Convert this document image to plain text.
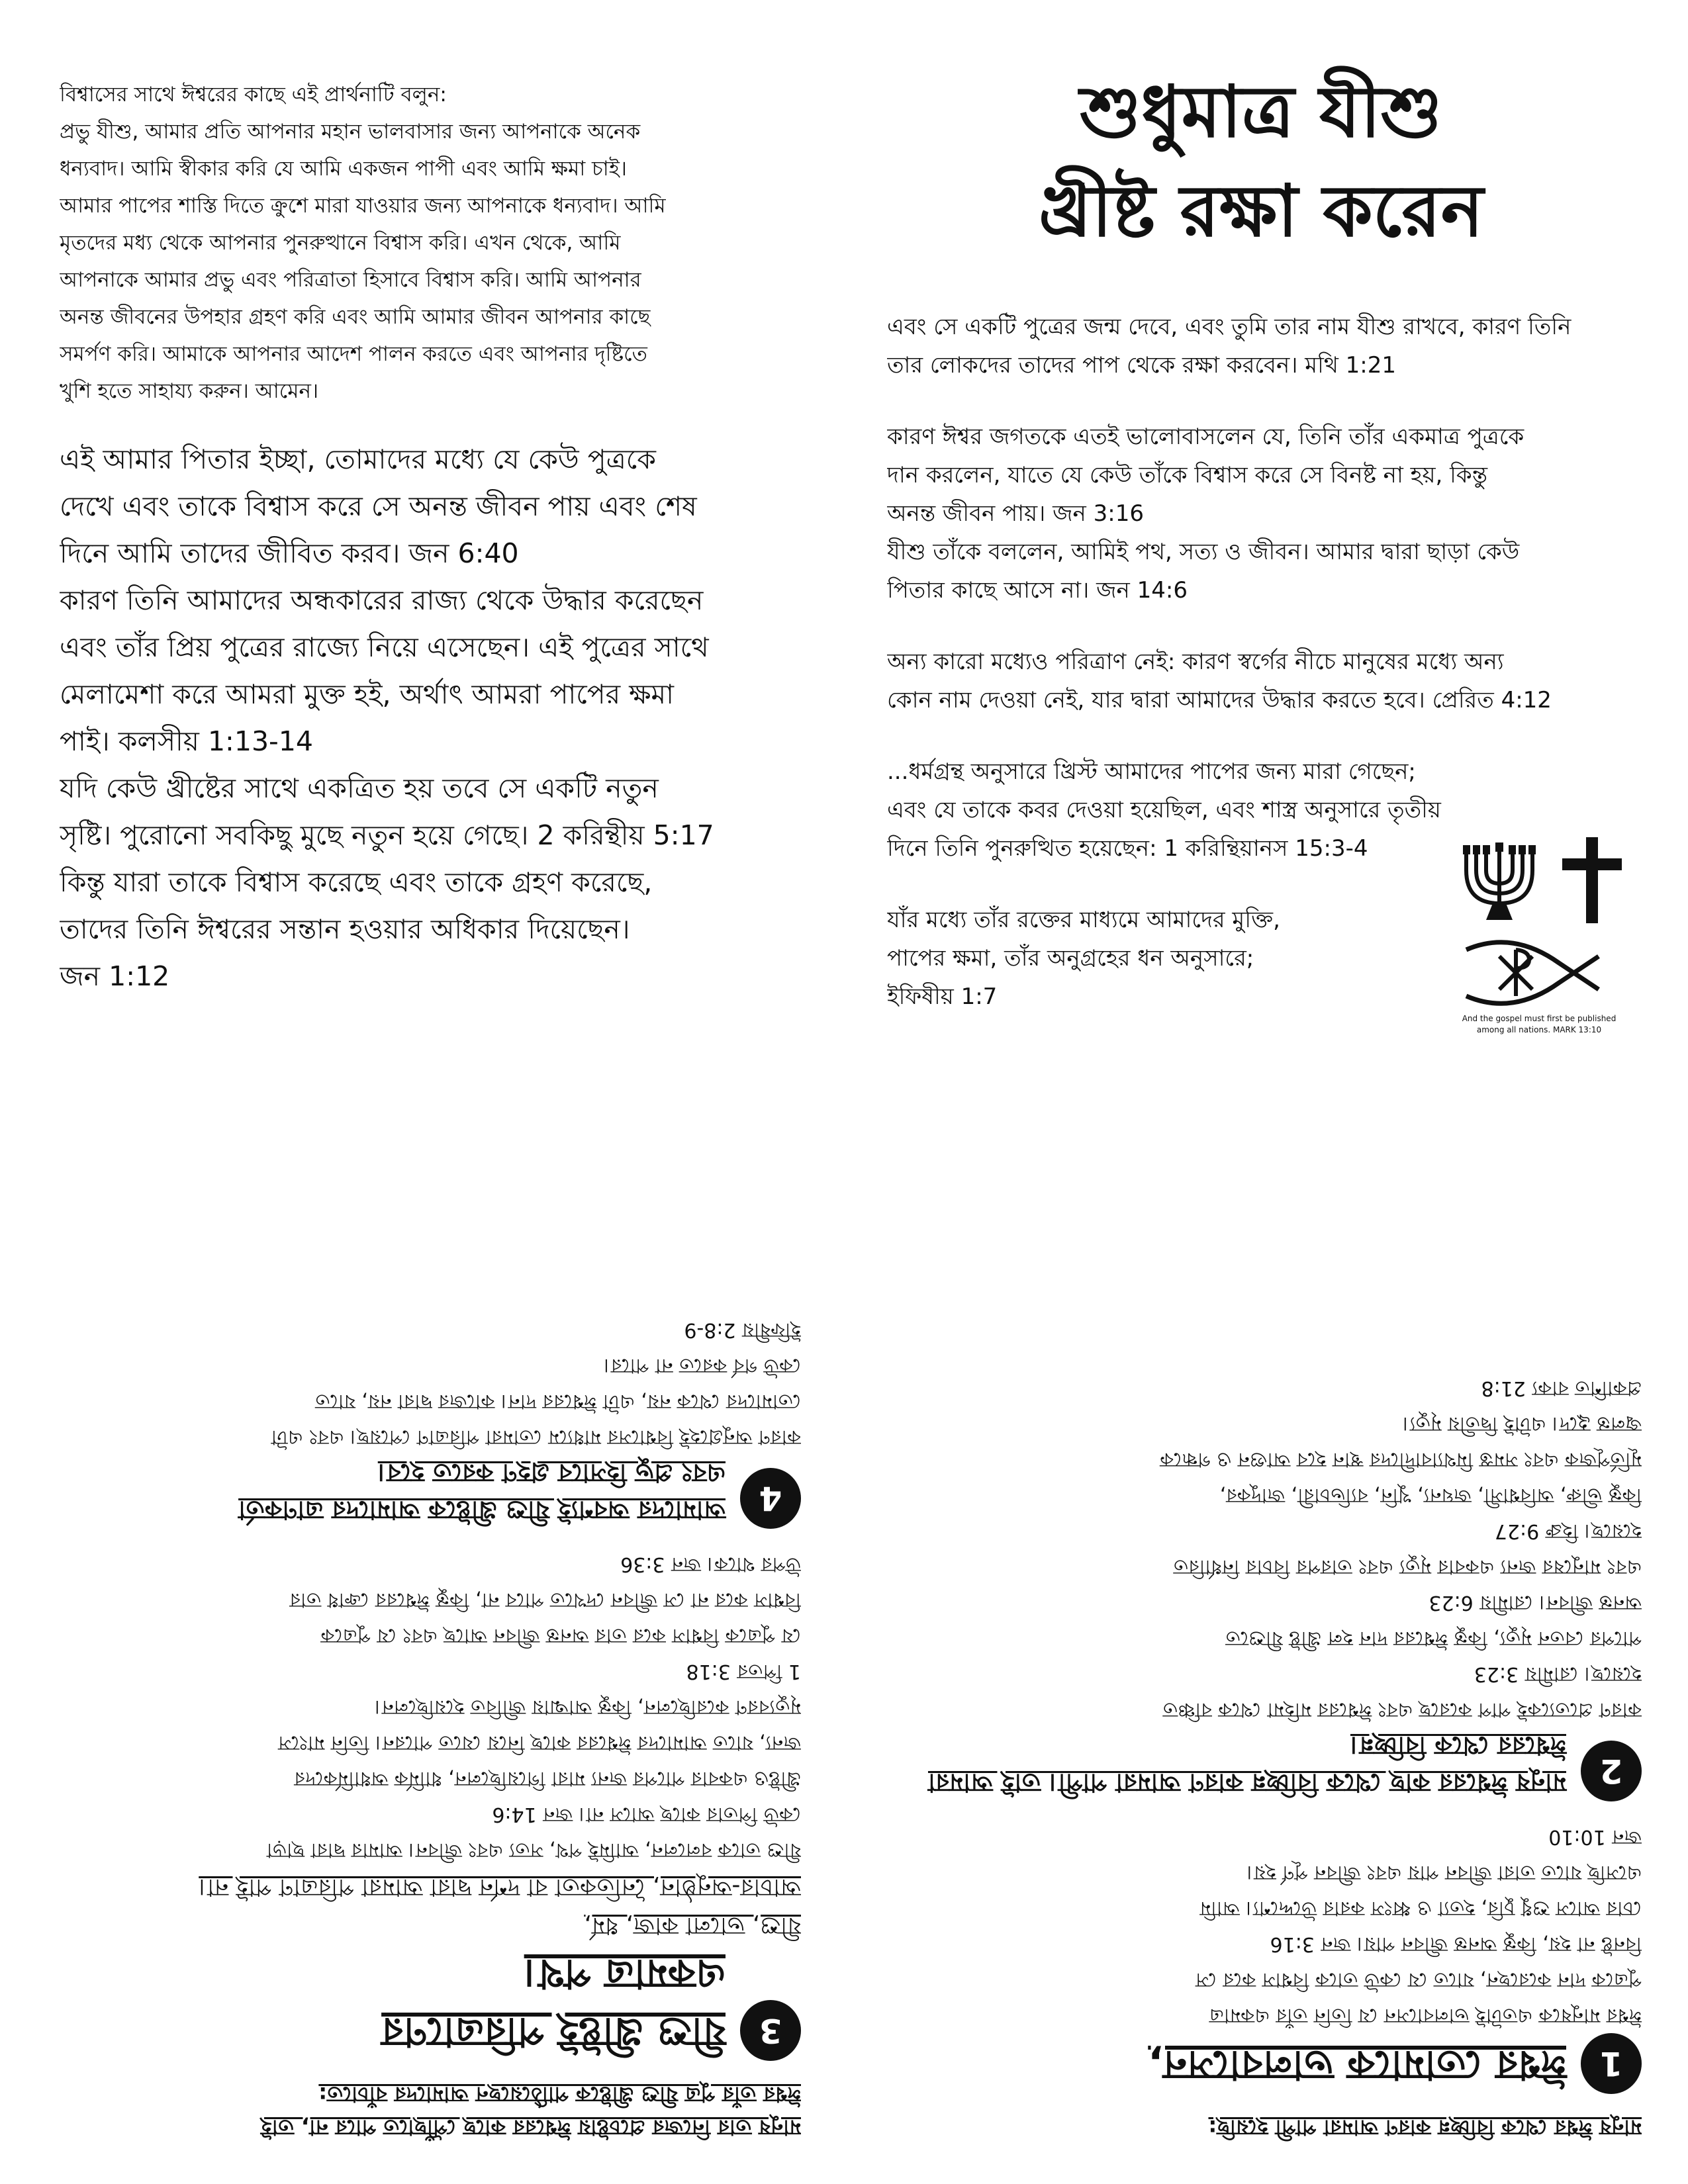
বিশ্বাসের সাথে ঈশ্বরের কাছে এই প্রার্থনাটি বলুন:

প্রভু যীশু, আমার প্রতি আপনার মহান ভালবাসার জন্য আপনাকে অনেক

ধন্যবাদ। আমি স্বীকার করি যে আমি একজন পাপী এবং আমি ক্ষমা চাই।

আমার পাপের শাস্তি দিতে ক্রুশে মারা যাওয়ার জন্য আপনাকে ধন্যবাদ। আমি

মৃতদের মধ্য থেকে আপনার পুনরুত্থানে বিশ্বাস করি। এখন থেকে, আমি

আপনাকে আমার প্রভু এবং পরিত্রাতা হিসাবে বিশ্বাস করি। আমি আপনার

অনন্ত জীবনের উপহার গ্রহণ করি এবং আমি আমার জীবন আপনার কাছে

সমর্পণ করি। আমাকে আপনার আদেশ পালন করতে এবং আপনার দৃষ্টিতে

খুশি হতে সাহায্য করুন। আমেন।

এই আমার পিতার ইচ্ছা, তোমাদের মধ্যে যে কেউ পুত্রকে

দেখে এবং তাকে বিশ্বাস করে সে অনন্ত জীবন পায় এবং শেষ

দিনে আমি তাদের জীবিত করব। জন 6:40

কারণ তিনি আমাদের অন্ধকারের রাজ্য থেকে উদ্ধার করেছেন

এবং তাঁর প্রিয় পুত্রের রাজ্যে নিয়ে এসেছেন। এই পুত্রের সাথে

মেলামেশা করে আমরা মুক্ত হই, অর্থাৎ আমরা পাপের ক্ষমা

পাই। কলসীয় 1:13-14

যদি কেউ খ্রীষ্টের সাথে একত্রিত হয় তবে সে একটি নতুন

সৃষ্টি। পুরোনো সবকিছু মুছে নতুন হয়ে গেছে। 2 করিন্থীয় 5:17

কিন্তু যারা তাকে বিশ্বাস করেছে এবং তাকে গ্রহণ করেছে,

তাদের তিনি ঈশ্বরের সন্তান হওয়ার অধিকার দিয়েছেন।

জন 1:12

শুধুমাত্র যীশু
খ্রীষ্ট রক্ষা করেন

এবং সে একটি পুত্রের জন্ম দেবে, এবং তুমি তার নাম যীশু রাখবে, কারণ তিনি

তার লোকদের তাদের পাপ থেকে রক্ষা করবেন। মথি 1:21

কারণ ঈশ্বর জগতকে এতই ভালোবাসলেন যে, তিনি তাঁর একমাত্র পুত্রকে

দান করলেন, যাতে যে কেউ তাঁকে বিশ্বাস করে সে বিনষ্ট না হয়, কিন্তু

অনন্ত জীবন পায়। জন 3:16

যীশু তাঁকে বললেন, আমিই পথ, সত্য ও জীবন। আমার দ্বারা ছাড়া কেউ

পিতার কাছে আসে না। জন 14:6

অন্য কারো মধ্যেও পরিত্রাণ নেই: কারণ স্বর্গের নীচে মানুষের মধ্যে অন্য

কোন নাম দেওয়া নেই, যার দ্বারা আমাদের উদ্ধার করতে হবে। প্রেরিত 4:12

...ধর্মগ্রন্থ অনুসারে খ্রিস্ট আমাদের পাপের জন্য মারা গেছেন;

এবং যে তাকে কবর দেওয়া হয়েছিল, এবং শাস্ত্র অনুসারে তৃতীয়

দিনে তিনি পুনরুত্থিত হয়েছেন: 1 করিন্থিয়ানস 15:3-4

যাঁর মধ্যে তাঁর রক্তের মাধ্যমে আমাদের মুক্তি,

পাপের ক্ষমা, তাঁর অনুগ্রহের ধন অনুসারে;

ইফিষীয় 1:7

And the gospel must first be published
among all nations. MARK 13:10

মানুষ তার নিজের প্রচেষ্টায় ঈশ্বরের কাছে পৌঁছাতে পারে না, তাই

ঈশ্বর তাঁর পুত্র যীশু খ্রীষ্টকে পাঠিয়েছেন আমাদের বাঁচাতে:

3

যীশু খ্রীষ্টই পরিত্রাণের

একমাত্র পথ।

যীশু, ভালো কাজ, ধর্ম,

আচার-অনুষ্ঠান, নৈতিকতা বা দর্শন দ্বারা আমরা পরিত্রাণ পাই না।

যীশু তাকে বললেন, আমিই পথ, সত্য এবং জীবন। আমার দ্বারা ছাড়া

কেউ পিতার কাছে আসে না। জন 14:6

খ্রীষ্টও একবার পাপের জন্য মারা গিয়েছিলেন, ধার্মিক অধার্মিকদের

জন্য, যাতে আমাদের ঈশ্বরের কাছে নিয়ে যেতে পারেন। তিনি মাংসে

মৃত্যুবরণ করেছিলেন, কিন্তু আত্মায় জীবিত হয়েছিলেন।

1 পিতর 3:18

যে পুত্রকে বিশ্বাস করে তার অনন্ত জীবন আছে এবং যে পুত্রকে

বিশ্বাস করে না সে জীবন দেখতে পাবে না, কিন্তু ঈশ্বরের ক্রোধ তার

উপর থাকে। জন 3:36

4

আমাদের অবশ্যই যীশু খ্রীষ্টকে আমাদের ত্রাণকর্তা

এবং প্রভু হিসাবে গ্রহণ করতে হবে।

কারণ অনুগ্রহেই বিশ্বাসের মাধ্যমে তোমরা পরিত্রাণ পেয়েছ। এবং এটা

তোমাদের থেকে নয়, এটা ঈশ্বরের দান। কাজের দ্বারা নয়, যাতে

কেউ গর্ব করতে না পারে।

ইফিষীয় 2:8-9

মানুষ ঈশ্বর থেকে বিচ্ছিন্ন কারণ আমরা পাপী হয়েছি:

1

ঈশ্বর তোমাকে ভালবাসেন,

ঈশ্বর মানুষকে এতটাই ভালবাসেন যে তিনি তাঁর একমাত্র

পুত্রকে দান করেছেন, যাতে যে কেউ তাকে বিশ্বাস করে সে

বিনষ্ট না হয়, কিন্তু অনন্ত জীবন পায়। জন 3:16

চোর আসে শুধু চুরি, হত্যা ও ধ্বংস করার উদ্দেশ্যে। আমি

এসেছি যাতে তারা জীবন পায় এবং জীবন পূর্ণ হয়।

জন 10:10

2

মানুষ ঈশ্বরের কাছ থেকে বিচ্ছিন্ন কারণ আমরা পাপী। তাই আমরা

ঈশ্বরের থেকে বিচ্ছিন্ন।

কারণ প্রত্যেকেই পাপ করেছে এবং ঈশ্বরের মহিমা থেকে বঞ্চিত

হয়েছে। রোমীয় 3:23

পাপের বেতন মৃত্যু, কিন্তু ঈশ্বরের দান হল খ্রীষ্ট যীশুতে

অনন্ত জীবন। রোমীয় 6:23

এবং মানুষের জন্য একবার মৃত্যু এবং তারপর বিচার নির্ধারিত

হয়েছে। হিব্রু 9:27

কিন্তু ভীরু, অবিশ্বাসী, জঘন্য, খুনি, ব্যভিচারী, জাদুকর,

মূর্তিপূজক এবং সমস্ত মিথ্যাবাদীদের স্থান হবে আগুন ও গন্ধকে

জ্বলন্ত হ্রদে। এটাই দ্বিতীয় মৃত্যু।

প্রকাশিত বাক্য 21:8
